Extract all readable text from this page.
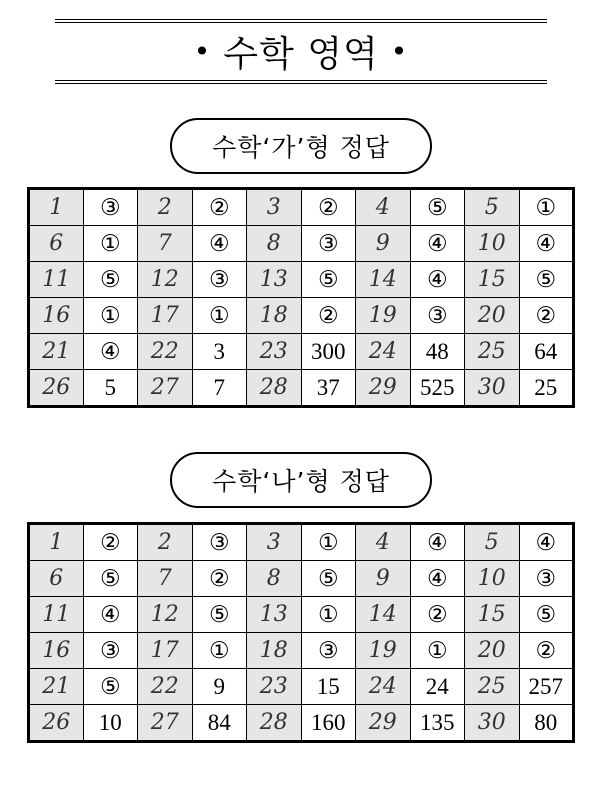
• 수학 영역 •
수학‘가’형 정답
1	③	2	②	3	②	4	⑤	5	①
6	①	7	④	8	③	9	④	10	④
11	⑤	12	③	13	⑤	14	④	15	⑤
16	①	17	①	18	②	19	③	20	②
21	④	22	3	23	300	24	48	25	64
26	5	27	7	28	37	29	525	30	25
수학‘나’형 정답
1	②	2	③	3	①	4	④	5	④
6	⑤	7	②	8	⑤	9	④	10	③
11	④	12	⑤	13	①	14	②	15	⑤
16	③	17	①	18	③	19	①	20	②
21	⑤	22	9	23	15	24	24	25	257
26	10	27	84	28	160	29	135	30	80
